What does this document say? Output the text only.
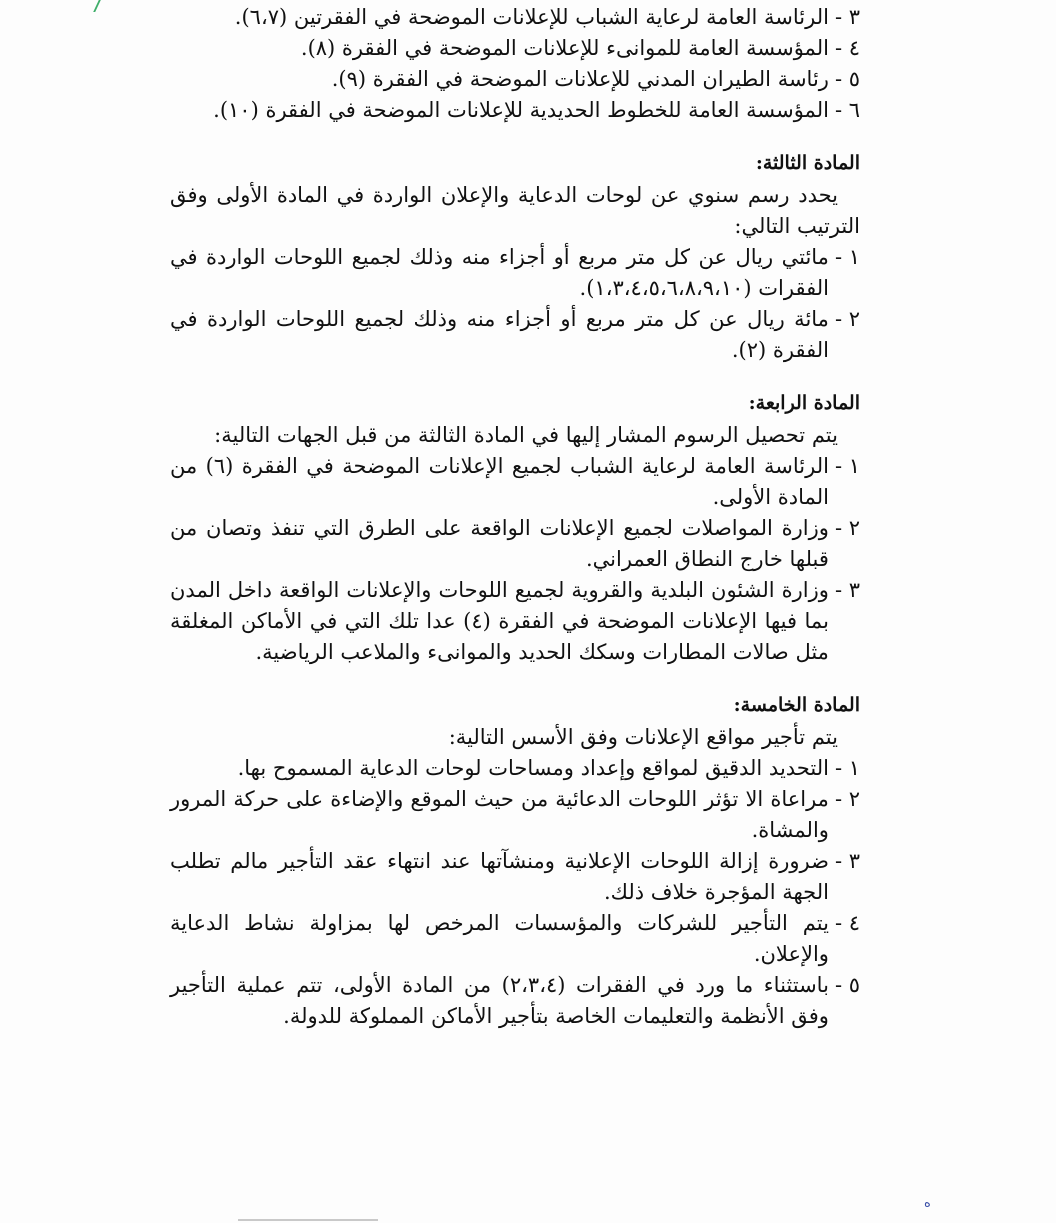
٣ -
الرئاسة العامة لرعاية الشباب للإعلانات الموضحة في الفقرتين (٦،٧).
٤ -
المؤسسة العامة للموانىء للإعلانات الموضحة في الفقرة (٨).
٥ -
رئاسة الطيران المدني للإعلانات الموضحة في الفقرة (٩).
٦ -
المؤسسة العامة للخطوط الحديدية للإعلانات الموضحة في الفقرة (١٠).
المادة الثالثة:
يحدد رسم سنوي عن لوحات الدعاية والإعلان الواردة في المادة الأولى وفق الترتيب التالي:
١ -
مائتي ريال عن كل متر مربع أو أجزاء منه وذلك لجميع اللوحات الواردة في الفقرات (١،٣،٤،٥،٦،٨،٩،١٠).
٢ -
مائة ريال عن كل متر مربع أو أجزاء منه وذلك لجميع اللوحات الواردة في الفقرة (٢).
المادة الرابعة:
يتم تحصيل الرسوم المشار إليها في المادة الثالثة من قبل الجهات التالية:
١ -
الرئاسة العامة لرعاية الشباب لجميع الإعلانات الموضحة في الفقرة (٦) من المادة الأولى.
٢ -
وزارة المواصلات لجميع الإعلانات الواقعة على الطرق التي تنفذ وتصان من قبلها خارج النطاق العمراني.
٣ -
وزارة الشئون البلدية والقروية لجميع اللوحات والإعلانات الواقعة داخل المدن بما فيها الإعلانات الموضحة في الفقرة (٤) عدا تلك التي في الأماكن المغلقة مثل صالات المطارات وسكك الحديد والموانىء والملاعب الرياضية.
المادة الخامسة:
يتم تأجير مواقع الإعلانات وفق الأسس التالية:
١ -
التحديد الدقيق لمواقع وإعداد ومساحات لوحات الدعاية المسموح بها.
٢ -
مراعاة الا تؤثر اللوحات الدعائية من حيث الموقع والإضاءة على حركة المرور والمشاة.
٣ -
ضرورة إزالة اللوحات الإعلانية ومنشآتها عند انتهاء عقد التأجير مالم تطلب الجهة المؤجرة خلاف ذلك.
٤ -
يتم التأجير للشركات والمؤسسات المرخص لها بمزاولة نشاط الدعاية والإعلان.
٥ -
باستثناء ما ورد في الفقرات (٢،٣،٤) من المادة الأولى، تتم عملية التأجير وفق الأنظمة والتعليمات الخاصة بتأجير الأماكن المملوكة للدولة.
ه
